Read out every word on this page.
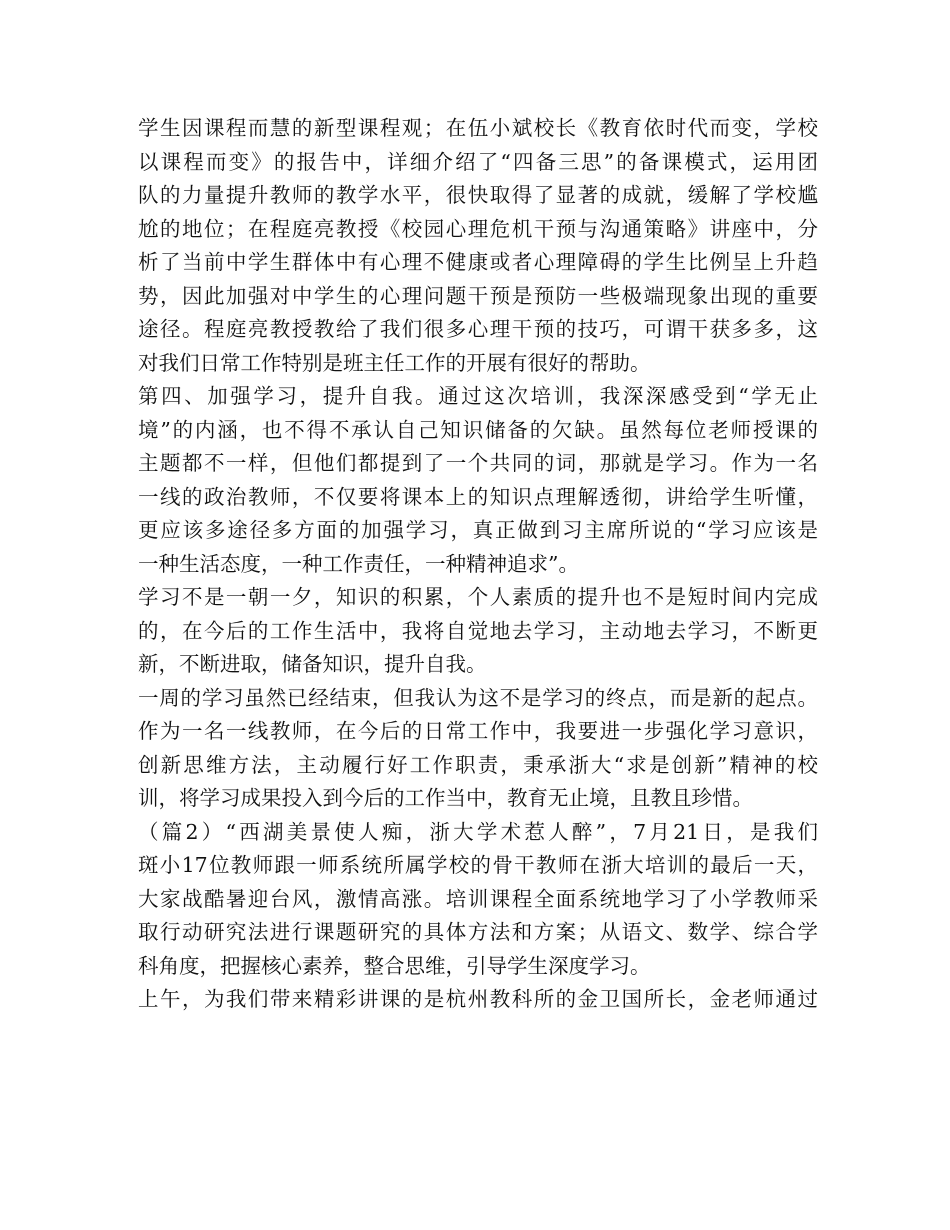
学生因课程而慧的新型课程观；在伍小斌校长《教育依时代而变，学校
以课程而变》的报告中，详细介绍了“四备三思”的备课模式，运用团
队的力量提升教师的教学水平，很快取得了显著的成就，缓解了学校尴
尬的地位；在程庭亮教授《校园心理危机干预与沟通策略》讲座中，分
析了当前中学生群体中有心理不健康或者心理障碍的学生比例呈上升趋
势，因此加强对中学生的心理问题干预是预防一些极端现象出现的重要
途径。程庭亮教授教给了我们很多心理干预的技巧，可谓干获多多，这
对我们日常工作特别是班主任工作的开展有很好的帮助。
第四、加强学习，提升自我。通过这次培训，我深深感受到“学无止
境”的内涵，也不得不承认自己知识储备的欠缺。虽然每位老师授课的
主题都不一样，但他们都提到了一个共同的词，那就是学习。作为一名
一线的政治教师，不仅要将课本上的知识点理解透彻，讲给学生听懂，
更应该多途径多方面的加强学习，真正做到习主席所说的“学习应该是
一种生活态度，一种工作责任，一种精神追求”。
学习不是一朝一夕，知识的积累，个人素质的提升也不是短时间内完成
的，在今后的工作生活中，我将自觉地去学习，主动地去学习，不断更
新，不断进取，储备知识，提升自我。
一周的学习虽然已经结束，但我认为这不是学习的终点，而是新的起点。
作为一名一线教师，在今后的日常工作中，我要进一步强化学习意识，
创新思维方法，主动履行好工作职责，秉承浙大“求是创新”精神的校
训，将学习成果投入到今后的工作当中，教育无止境，且教且珍惜。
（篇2）“西湖美景使人痴，浙大学术惹人醉”，7月21日，是我们
斑小17位教师跟一师系统所属学校的骨干教师在浙大培训的最后一天，
大家战酷暑迎台风，激情高涨。培训课程全面系统地学习了小学教师采
取行动研究法进行课题研究的具体方法和方案；从语文、数学、综合学
科角度，把握核心素养，整合思维，引导学生深度学习。
上午，为我们带来精彩讲课的是杭州教科所的金卫国所长，金老师通过
